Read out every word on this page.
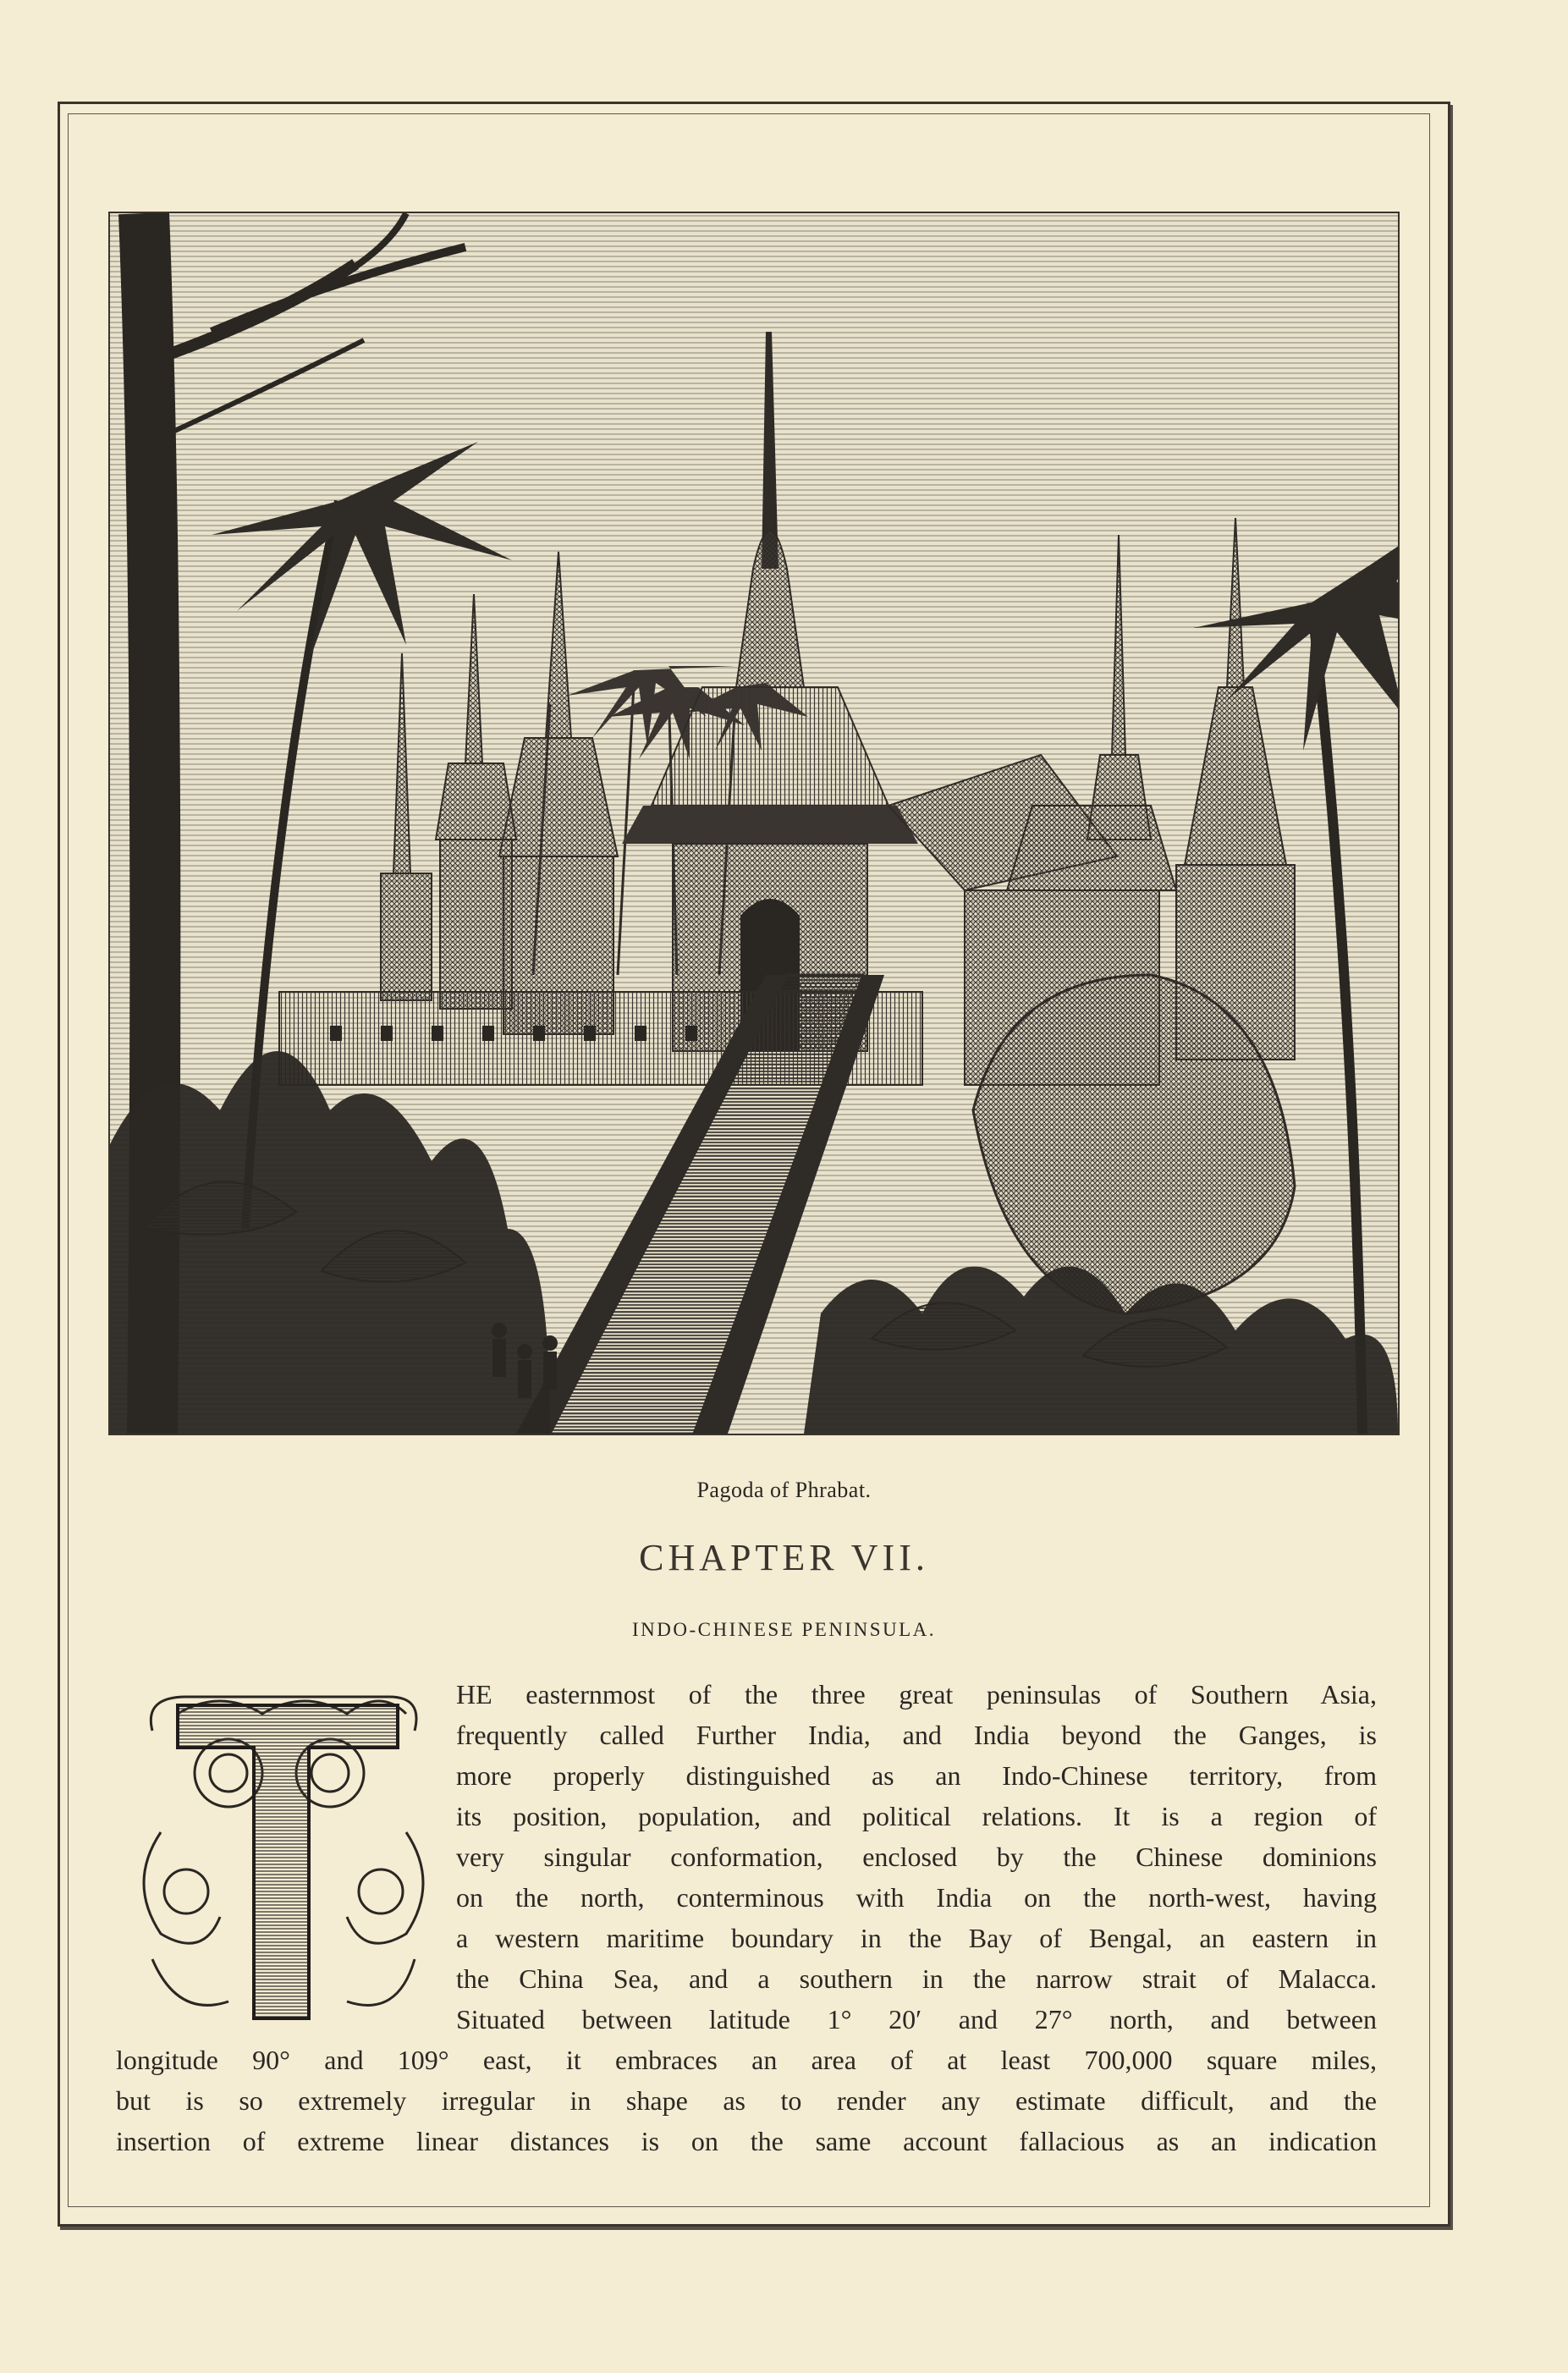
Pagoda of Phrabat.
CHAPTER VII.
INDO-CHINESE PENINSULA.
HE easternmost of the three great peninsulas of Southern Asia,
frequently called Further India, and India beyond the Ganges, is
more properly distinguished as an Indo-Chinese territory, from
its position, population, and political relations. It is a region of
very singular conformation, enclosed by the Chinese dominions
on the north, conterminous with India on the north-west, having
a western maritime boundary in the Bay of Bengal, an eastern in
the China Sea, and a southern in the narrow strait of Malacca.
Situated between latitude 1° 20′ and 27° north, and between
longitude 90° and 109° east, it embraces an area of at least 700,000 square miles,
but is so extremely irregular in shape as to render any estimate difficult, and the
insertion of extreme linear distances is on the same account fallacious as an indication
